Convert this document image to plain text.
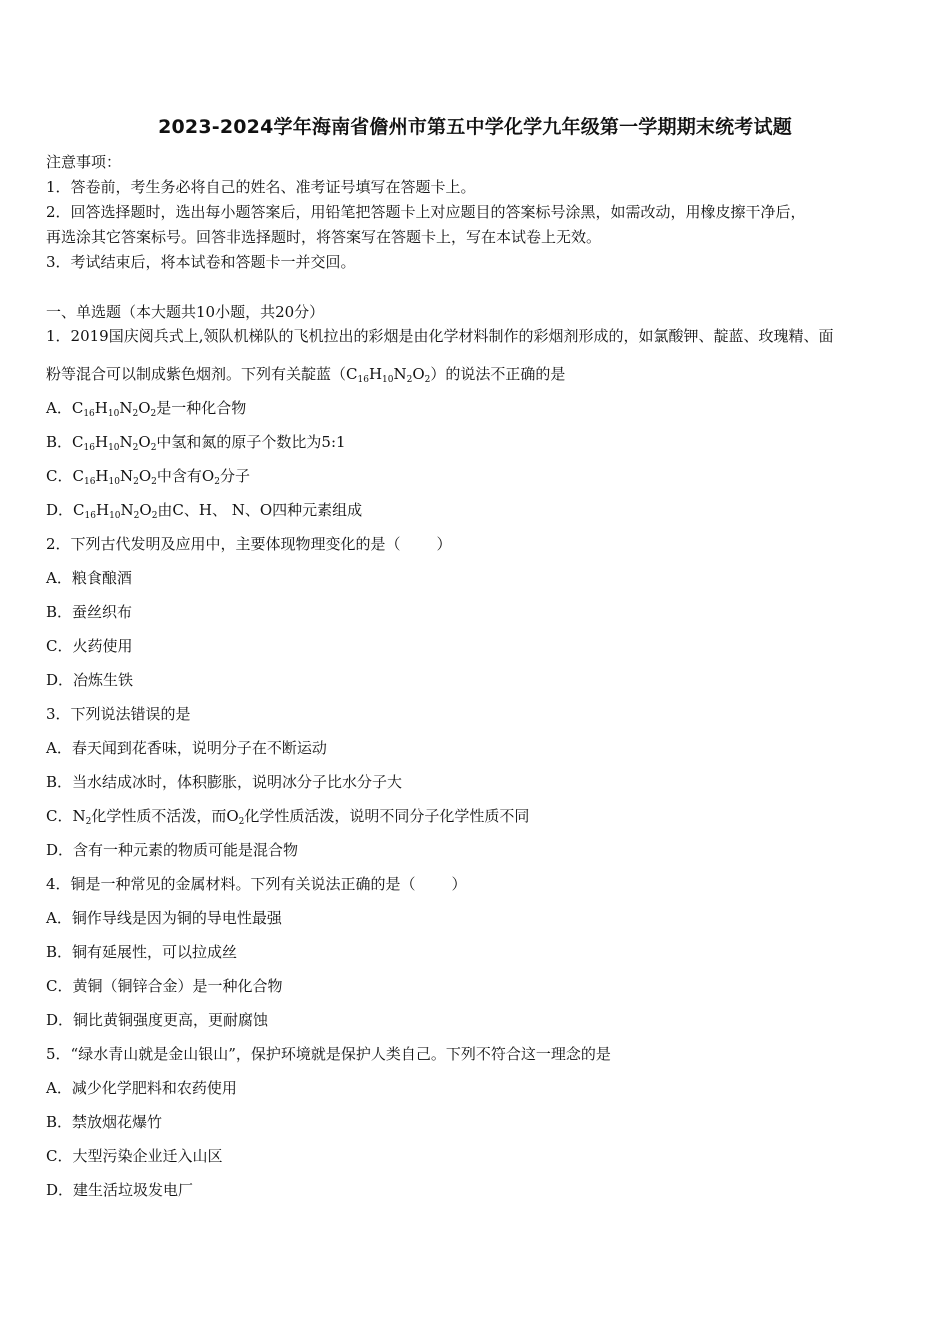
2023-2024学年海南省儋州市第五中学化学九年级第一学期期末统考试题
注意事项：
1．答卷前，考生务必将自己的姓名、准考证号填写在答题卡上。
2．回答选择题时，选出每小题答案后，用铅笔把答题卡上对应题目的答案标号涂黑，如需改动，用橡皮擦干净后，
再选涂其它答案标号。回答非选择题时，将答案写在答题卡上，写在本试卷上无效。
3．考试结束后，将本试卷和答题卡一并交回。
一、单选题（本大题共10小题，共20分）
1．2019国庆阅兵式上,领队机梯队的飞机拉出的彩烟是由化学材料制作的彩烟剂形成的，如氯酸钾、靛蓝、玫瑰精、面
粉等混合可以制成紫色烟剂。下列有关靛蓝$(C_{16}H_{10}N_2O_2)$的说法不正确的是
A．$C_{16}H_{10}N_2O_2$是一种化合物
B．$C_{16}H_{10}N_2O_2$中氢和氮的原子个数比为5:1
C．$C_{16}H_{10}N_2O_2$中含有$O_2$分子
D．$C_{16}H_{10}N_2O_2$由C、H、 N、O四种元素组成
2．下列古代发明及应用中，主要体现物理变化的是（ ）
A．粮食酿酒
B．蚕丝织布
C．火药使用
D．冶炼生铁
3．下列说法错误的是
A．春天闻到花香味，说明分子在不断运动
B．当水结成冰时，体积膨胀，说明冰分子比水分子大
C．$N_2$化学性质不活泼，而$O_2$化学性质活泼，说明不同分子化学性质不同
D．含有一种元素的物质可能是混合物
4．铜是一种常见的金属材料。下列有关说法正确的是（ ）
A．铜作导线是因为铜的导电性最强
B．铜有延展性，可以拉成丝
C．黄铜（铜锌合金）是一种化合物
D．铜比黄铜强度更高，更耐腐蚀
5．“绿水青山就是金山银山”，保护环境就是保护人类自己。下列不符合这一理念的是
A．减少化学肥料和农药使用
B．禁放烟花爆竹
C．大型污染企业迁入山区
D．建生活垃圾发电厂
